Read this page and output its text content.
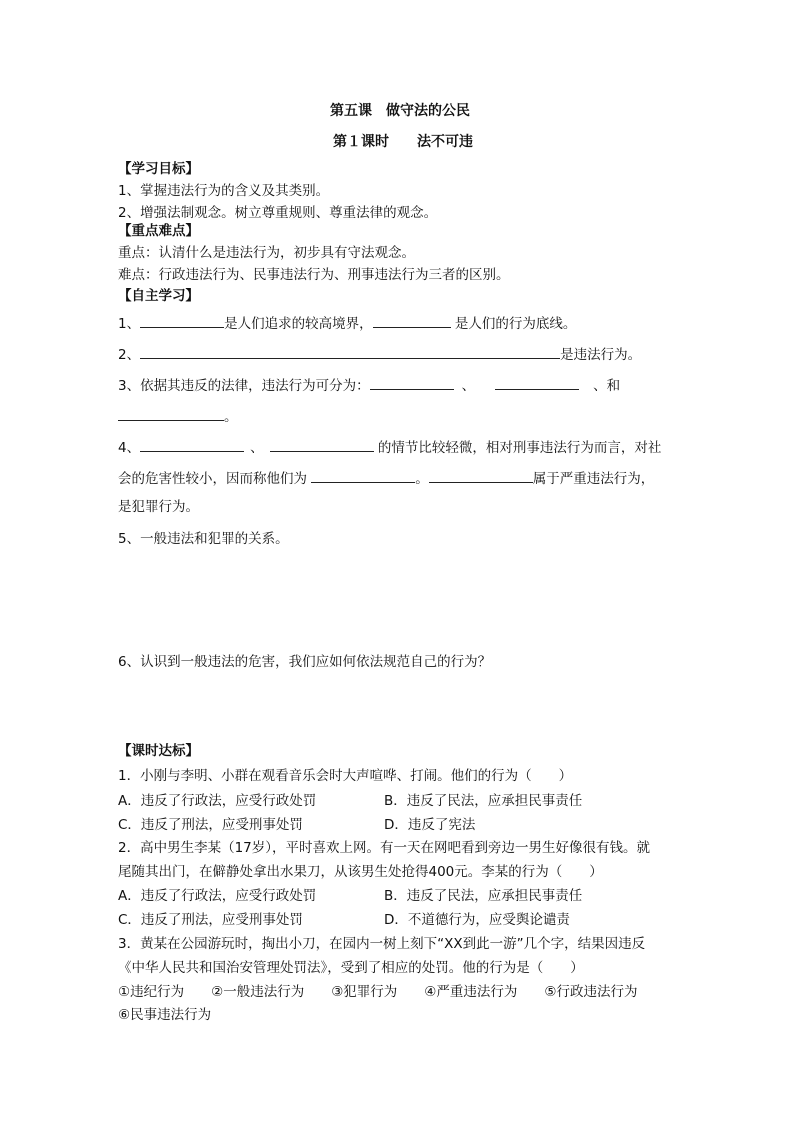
第五课　做守法的公民
第１课时　　法不可违
【学习目标】
1、掌握违法行为的含义及其类别。
2、增强法制观念。树立尊重规则、尊重法律的观念。
【重点难点】
重点：认清什么是违法行为，初步具有守法观念。
难点：行政违法行为、民事违法行为、刑事违法行为三者的区别。
【自主学习】
1、	是人们追求的较高境界，	是人们的行为底线。
2、	是违法行为。
3、依据其违反的法律，违法行为可分为：	、	、和
。
4、	、	的情节比较轻微，相对刑事违法行为而言，对社
会的危害性较小，因而称他们为	。	属于严重违法行为，
是犯罪行为。
5、一般违法和犯罪的关系。
6、认识到一般违法的危害，我们应如何依法规范自己的行为？
【课时达标】
1．小刚与李明、小群在观看音乐会时大声喧哗、打闹。他们的行为（　　）
A．违反了行政法，应受行政处罚	B．违反了民法，应承担民事责任
C．违反了刑法，应受刑事处罚	D．违反了宪法
2．高中男生李某（17岁），平时喜欢上网。有一天在网吧看到旁边一男生好像很有钱。就
尾随其出门，在僻静处拿出水果刀，从该男生处抢得400元。李某的行为（　　）
A．违反了行政法，应受行政处罚	B．违反了民法，应承担民事责任
C．违反了刑法，应受刑事处罚	D．不道德行为，应受舆论谴责
3．黄某在公园游玩时，掏出小刀，在园内一树上刻下“XX到此一游”几个字，结果因违反
《中华人民共和国治安管理处罚法》，受到了相应的处罚。他的行为是（　　）
①违纪行为　　②一般违法行为　　③犯罪行为　　④严重违法行为　　⑤行政违法行为
⑥民事违法行为
